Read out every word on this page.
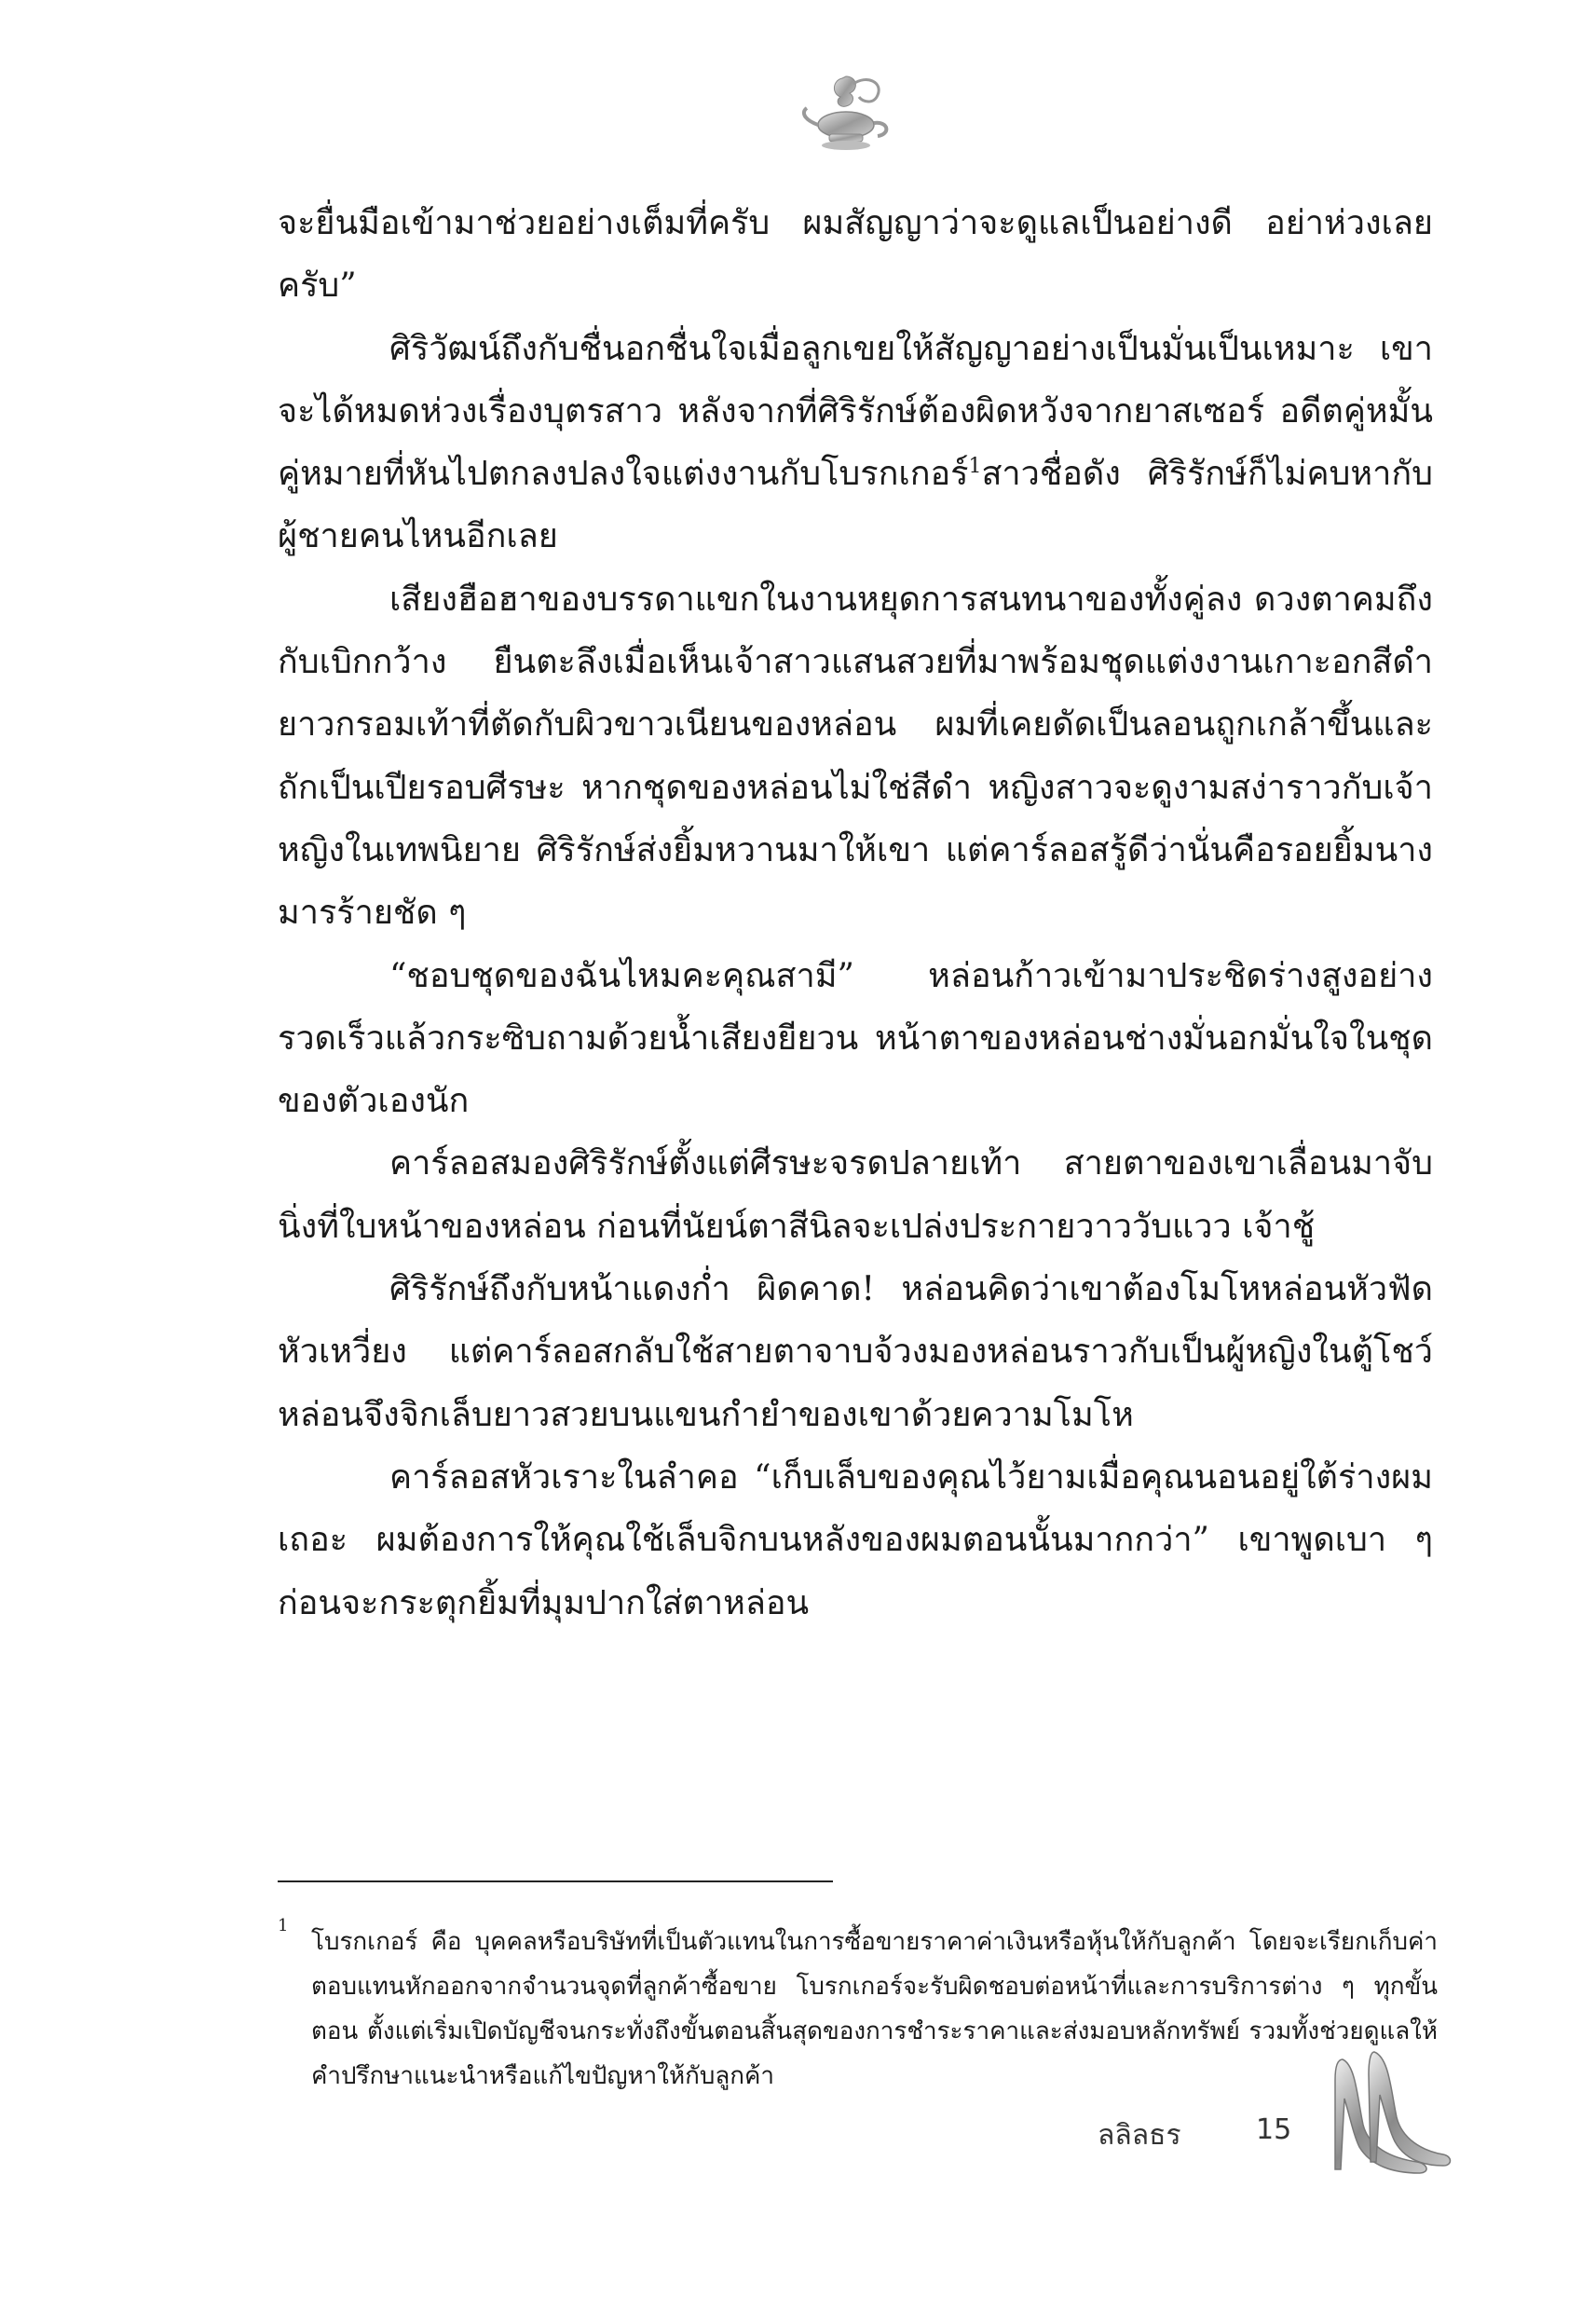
จะยื่นมือเข้ามาช่วยอย่างเต็มที่ครับ ผมสัญญาว่าจะดูแลเป็นอย่างดี อย่าห่วงเลยครับ”

ศิริวัฒน์ถึงกับชื่นอกชื่นใจเมื่อลูกเขยให้สัญญาอย่างเป็นมั่นเป็นเหมาะ เขาจะได้หมดห่วงเรื่องบุตรสาว หลังจากที่ศิริรักษ์ต้องผิดหวังจากยาสเซอร์ อดีตคู่หมั้นคู่หมายที่หันไปตกลงปลงใจแต่งงานกับโบรกเกอร์$^1$สาวชื่อดัง ศิริรักษ์ก็ไม่คบหากับผู้ชายคนไหนอีกเลย

เสียงฮือฮาของบรรดาแขกในงานหยุดการสนทนาของทั้งคู่ลง ดวงตาคมถึงกับเบิกกว้าง ยืนตะลึงเมื่อเห็นเจ้าสาวแสนสวยที่มาพร้อมชุดแต่งงานเกาะอกสีดำยาวกรอมเท้าที่ตัดกับผิวขาวเนียนของหล่อน ผมที่เคยดัดเป็นลอนถูกเกล้าขึ้นและถักเป็นเปียรอบศีรษะ หากชุดของหล่อนไม่ใช่สีดำ หญิงสาวจะดูงามสง่าราวกับเจ้าหญิงในเทพนิยาย ศิริรักษ์ส่งยิ้มหวานมาให้เขา แต่คาร์ลอสรู้ดีว่านั่นคือรอยยิ้มนางมารร้ายชัด ๆ

“ชอบชุดของฉันไหมคะคุณสามี” หล่อนก้าวเข้ามาประชิดร่างสูงอย่างรวดเร็วแล้วกระซิบถามด้วยน้ำเสียงยียวน หน้าตาของหล่อนช่างมั่นอกมั่นใจในชุดของตัวเองนัก

คาร์ลอสมองศิริรักษ์ตั้งแต่ศีรษะจรดปลายเท้า สายตาของเขาเลื่อนมาจับนิ่งที่ใบหน้าของหล่อน ก่อนที่นัยน์ตาสีนิลจะเปล่งประกายวาววับแวว เจ้าชู้

ศิริรักษ์ถึงกับหน้าแดงก่ำ ผิดคาด! หล่อนคิดว่าเขาต้องโมโหหล่อนหัวฟัดหัวเหวี่ยง แต่คาร์ลอสกลับใช้สายตาจาบจ้วงมองหล่อนราวกับเป็นผู้หญิงในตู้โชว์ หล่อนจึงจิกเล็บยาวสวยบนแขนกำยำของเขาด้วยความโมโห

คาร์ลอสหัวเราะในลำคอ “เก็บเล็บของคุณไว้ยามเมื่อคุณนอนอยู่ใต้ร่างผมเถอะ ผมต้องการให้คุณใช้เล็บจิกบนหลังของผมตอนนั้นมากกว่า” เขาพูดเบา ๆ ก่อนจะกระตุกยิ้มที่มุมปากใส่ตาหล่อน

1

โบรกเกอร์ คือ บุคคลหรือบริษัทที่เป็นตัวแทนในการซื้อขายราคาค่าเงินหรือหุ้นให้กับลูกค้า โดยจะเรียกเก็บค่าตอบแทนหักออกจากจำนวนจุดที่ลูกค้าซื้อขาย โบรกเกอร์จะรับผิดชอบต่อหน้าที่และการบริการต่าง ๆ ทุกขั้นตอน ตั้งแต่เริ่มเปิดบัญชีจนกระทั่งถึงขั้นตอนสิ้นสุดของการชำระราคาและส่งมอบหลักทรัพย์ รวมทั้งช่วยดูแลให้คำปรึกษาแนะนำหรือแก้ไขปัญหาให้กับลูกค้า

ลลิลธร	15
